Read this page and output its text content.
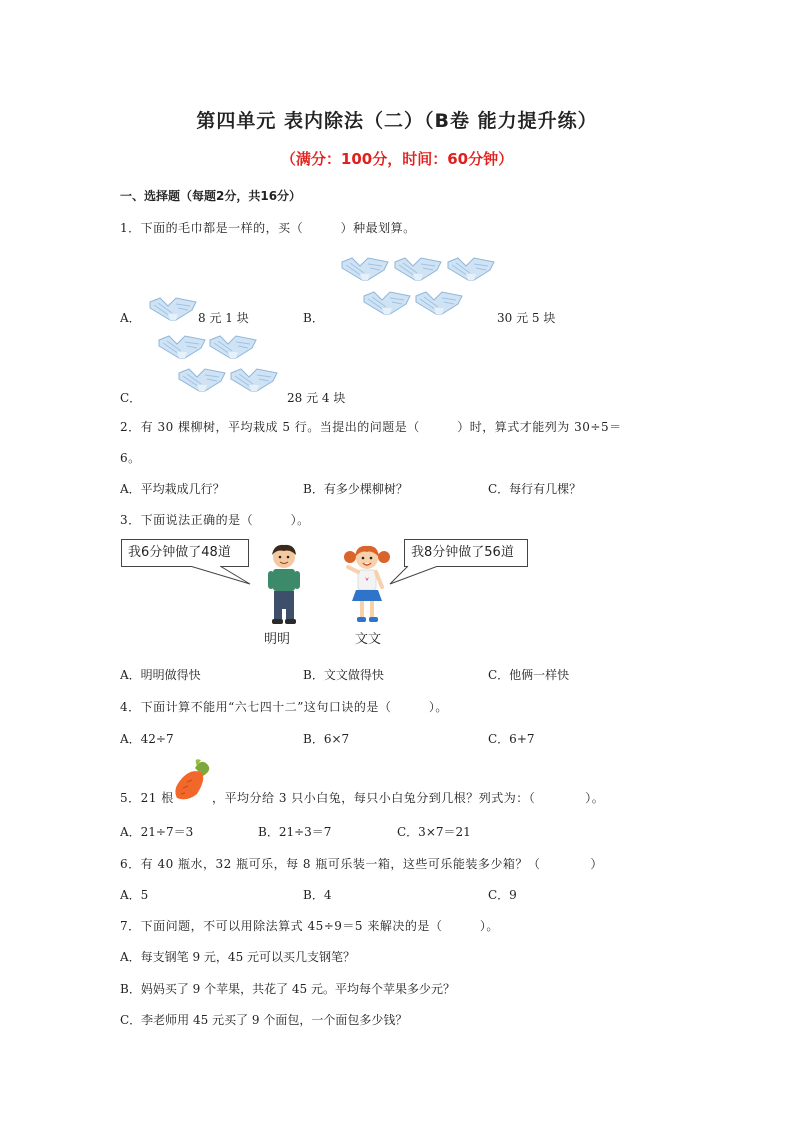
第四单元 表内除法（二）（B卷 能力提升练）
（满分：100分，时间：60分钟）
一、选择题（每题2分，共16分）
1．下面的毛巾都是一样的，买（　　　）种最划算。
A．	8 元 1 块	B．	30 元 5 块
C．	28 元 4 块
2．有 30 棵柳树，平均栽成 5 行。当提出的问题是（　　　）时，算式才能列为 30÷5＝
6。
A．平均栽成几行？	B．有多少棵柳树？	C．每行有几棵？
3．下面说法正确的是（　　　）。
我6分钟做了48道	我8分钟做了56道
明明	文文
A．明明做得快	B．文文做得快	C．他俩一样快
4．下面计算不能用“六七四十二”这句口诀的是（　　　）。
A．42÷7	B．6×7	C．6+7
5．21 根	，平均分给 3 只小白兔，每只小白兔分到几根？列式为：（　　　　）。
A．21÷7＝3	B．21÷3＝7	C．3×7＝21
6．有 40 瓶水，32 瓶可乐，每 8 瓶可乐装一箱，这些可乐能装多少箱？（　　　　）
A．5	B．4	C．9
7．下面问题，不可以用除法算式 45÷9＝5 来解决的是（　　　）。
A．每支钢笔 9 元，45 元可以买几支钢笔？
B．妈妈买了 9 个苹果，共花了 45 元。平均每个苹果多少元？
C．李老师用 45 元买了 9 个面包，一个面包多少钱？
